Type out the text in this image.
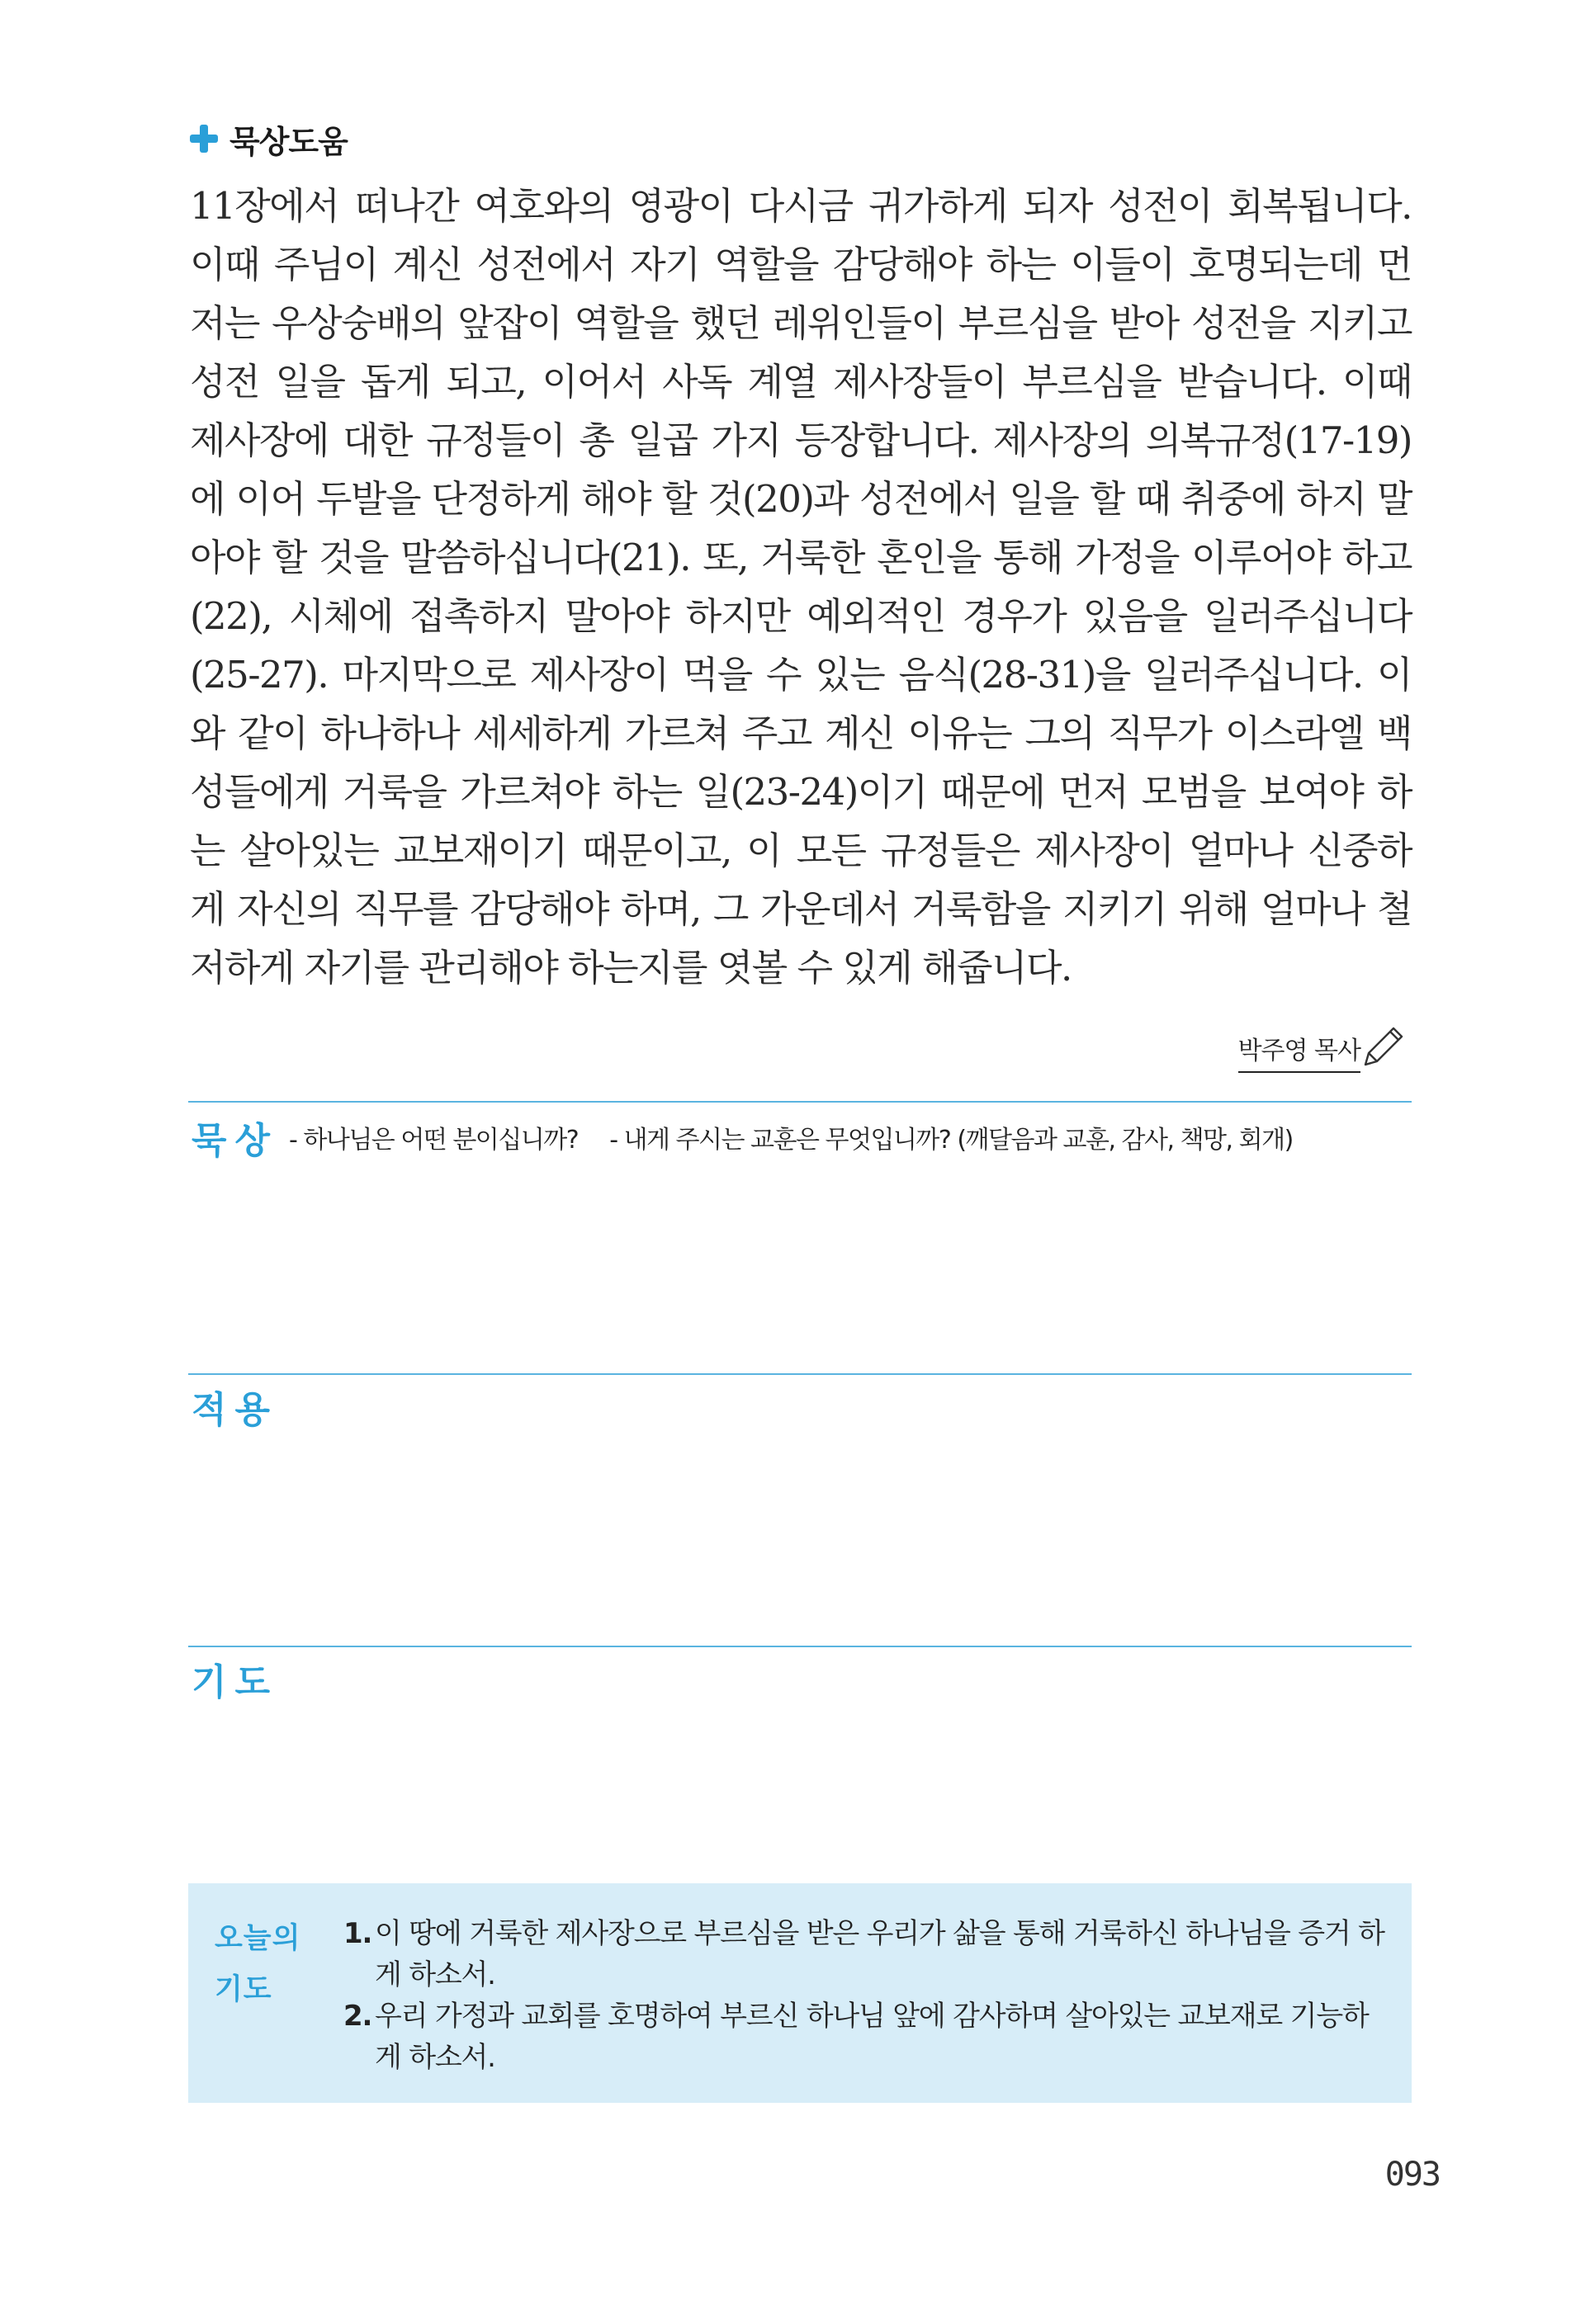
묵상도움
11장에서 떠나간 여호와의 영광이 다시금 귀가하게 되자 성전이 회복됩니다.
이때 주님이 계신 성전에서 자기 역할을 감당해야 하는 이들이 호명되는데 먼
저는 우상숭배의 앞잡이 역할을 했던 레위인들이 부르심을 받아 성전을 지키고
성전 일을 돕게 되고, 이어서 사독 계열 제사장들이 부르심을 받습니다. 이때
제사장에 대한 규정들이 총 일곱 가지 등장합니다. 제사장의 의복규정(17-19)
에 이어 두발을 단정하게 해야 할 것(20)과 성전에서 일을 할 때 취중에 하지 말
아야 할 것을 말씀하십니다(21). 또, 거룩한 혼인을 통해 가정을 이루어야 하고
(22), 시체에 접촉하지 말아야 하지만 예외적인 경우가 있음을 일러주십니다
(25-27). 마지막으로 제사장이 먹을 수 있는 음식(28-31)을 일러주십니다. 이
와 같이 하나하나 세세하게 가르쳐 주고 계신 이유는 그의 직무가 이스라엘 백
성들에게 거룩을 가르쳐야 하는 일(23-24)이기 때문에 먼저 모범을 보여야 하
는 살아있는 교보재이기 때문이고, 이 모든 규정들은 제사장이 얼마나 신중하
게 자신의 직무를 감당해야 하며, 그 가운데서 거룩함을 지키기 위해 얼마나 철
저하게 자기를 관리해야 하는지를 엿볼 수 있게 해줍니다.
박주영 목사
묵상 - 하나님은 어떤 분이십니까? - 내게 주시는 교훈은 무엇입니까? (깨달음과 교훈, 감사, 책망, 회개)
적용
기도
오늘의
기도
1. 이 땅에 거룩한 제사장으로 부르심을 받은 우리가 삶을 통해 거룩하신 하나님을 증거 하게 하소서.
2. 우리 가정과 교회를 호명하여 부르신 하나님 앞에 감사하며 살아있는 교보재로 기능하게 하소서.
093
